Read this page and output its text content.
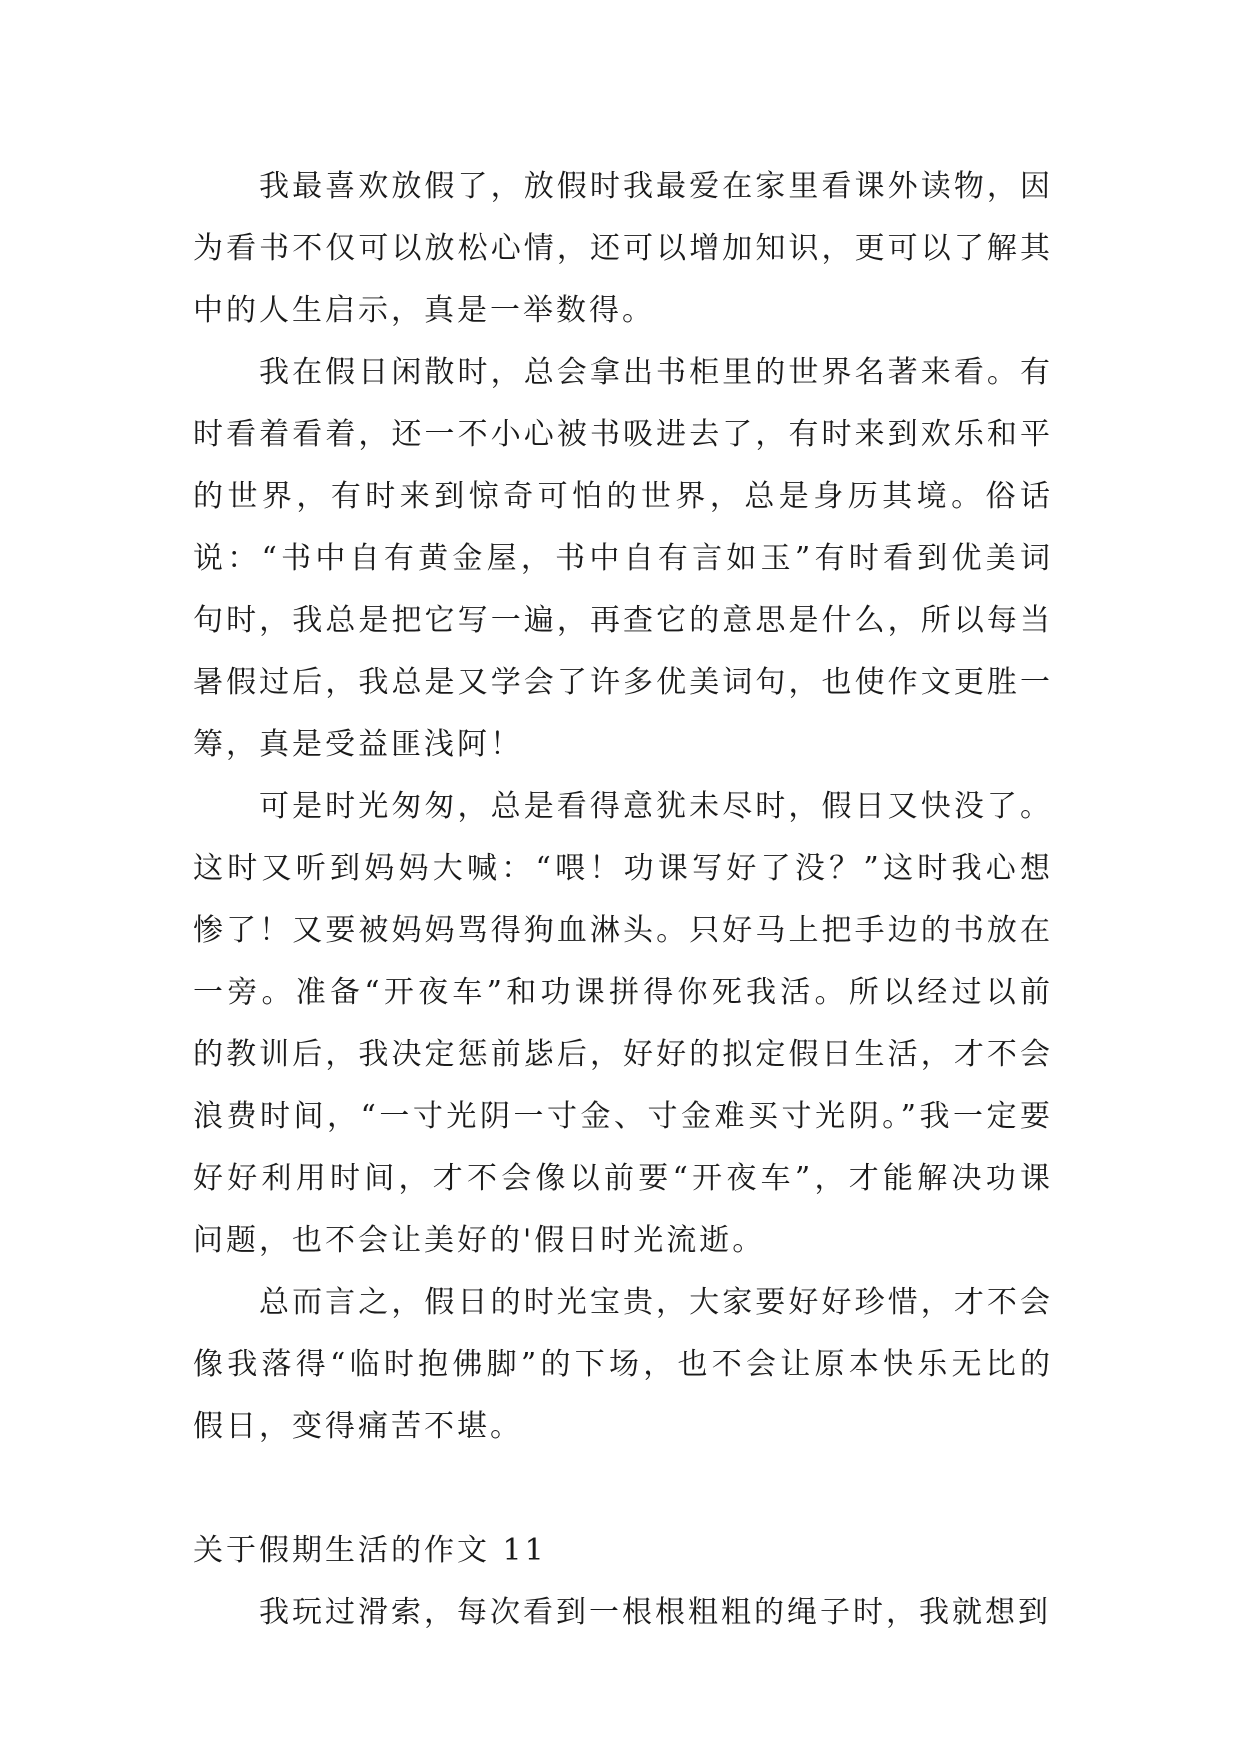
我最喜欢放假了，放假时我最爱在家里看课外读物，因为看书不仅可以放松心情，还可以增加知识，更可以了解其中的人生启示，真是一举数得。

我在假日闲散时，总会拿出书柜里的世界名著来看。有时看着看着，还一不小心被书吸进去了，有时来到欢乐和平的世界，有时来到惊奇可怕的世界，总是身历其境。俗话说：“书中自有黄金屋，书中自有言如玉”有时看到优美词句时，我总是把它写一遍，再查它的意思是什么，所以每当暑假过后，我总是又学会了许多优美词句，也使作文更胜一筹，真是受益匪浅阿！

可是时光匆匆，总是看得意犹未尽时，假日又快没了。这时又听到妈妈大喊：“喂！功课写好了没？”这时我心想惨了！又要被妈妈骂得狗血淋头。只好马上把手边的书放在一旁。准备“开夜车”和功课拼得你死我活。所以经过以前的教训后，我决定惩前毖后，好好的拟定假日生活，才不会浪费时间，“一寸光阴一寸金、寸金难买寸光阴。”我一定要好好利用时间，才不会像以前要“开夜车”，才能解决功课问题，也不会让美好的'假日时光流逝。

总而言之，假日的时光宝贵，大家要好好珍惜，才不会像我落得“临时抱佛脚”的下场，也不会让原本快乐无比的假日，变得痛苦不堪。

关于假期生活的作文 11

我玩过滑索，每次看到一根根粗粗的绳子时，我就想到
